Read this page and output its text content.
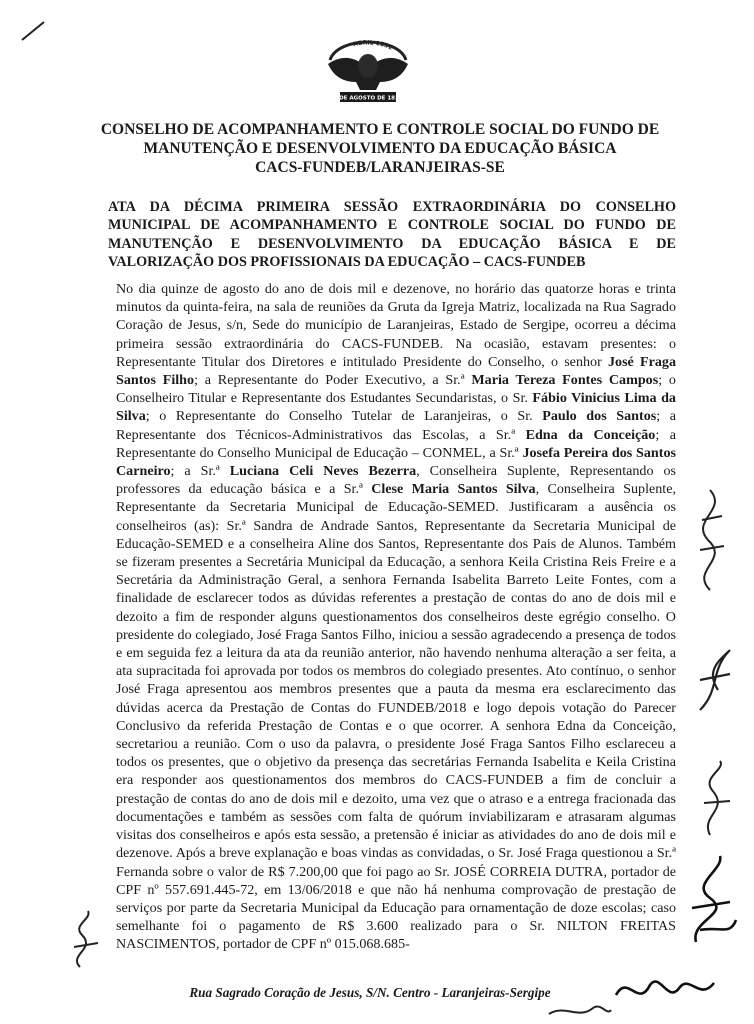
ABRIL 1832
7 DE AGOSTO DE 1832
CONSELHO DE ACOMPANHAMENTO E CONTROLE SOCIAL DO FUNDO DE
MANUTENÇÃO E DESENVOLVIMENTO DA EDUCAÇÃO BÁSICA
CACS-FUNDEB/LARANJEIRAS-SE
ATA DA DÉCIMA PRIMEIRA SESSÃO EXTRAORDINÁRIA DO CONSELHO MUNICIPAL DE ACOMPANHAMENTO E CONTROLE SOCIAL DO FUNDO DE MANUTENÇÃO E DESENVOLVIMENTO DA EDUCAÇÃO BÁSICA E DE VALORIZAÇÃO DOS PROFISSIONAIS DA EDUCAÇÃO – CACS-FUNDEB
No dia quinze de agosto do ano de dois mil e dezenove, no horário das quatorze horas e trinta minutos da quinta-feira, na sala de reuniões da Gruta da Igreja Matriz, localizada na Rua Sagrado Coração de Jesus, s/n, Sede do município de Laranjeiras, Estado de Sergipe, ocorreu a décima primeira sessão extraordinária do CACS-FUNDEB. Na ocasião, estavam presentes: o Representante Titular dos Diretores e intitulado Presidente do Conselho, o senhor José Fraga Santos Filho; a Representante do Poder Executivo, a Sr.ª Maria Tereza Fontes Campos; o Conselheiro Titular e Representante dos Estudantes Secundaristas, o Sr. Fábio Vinicius Lima da Silva; o Representante do Conselho Tutelar de Laranjeiras, o Sr. Paulo dos Santos; a Representante dos Técnicos-Administrativos das Escolas, a Sr.ª Edna da Conceição; a Representante do Conselho Municipal de Educação – CONMEL, a Sr.ª Josefa Pereira dos Santos Carneiro; a Sr.ª Luciana Celi Neves Bezerra, Conselheira Suplente, Representando os professores da educação básica e a Sr.ª Clese Maria Santos Silva, Conselheira Suplente, Representante da Secretaria Municipal de Educação-SEMED. Justificaram a ausência os conselheiros (as): Sr.ª Sandra de Andrade Santos, Representante da Secretaria Municipal de Educação-SEMED e a conselheira Aline dos Santos, Representante dos Pais de Alunos. Também se fizeram presentes a Secretária Municipal da Educação, a senhora Keila Cristina Reis Freire e a Secretária da Administração Geral, a senhora Fernanda Isabelita Barreto Leite Fontes, com a finalidade de esclarecer todos as dúvidas referentes a prestação de contas do ano de dois mil e dezoito a fim de responder alguns questionamentos dos conselheiros deste egrégio conselho. O presidente do colegiado, José Fraga Santos Filho, iniciou a sessão agradecendo a presença de todos e em seguida fez a leitura da ata da reunião anterior, não havendo nenhuma alteração a ser feita, a ata supracitada foi aprovada por todos os membros do colegiado presentes. Ato contínuo, o senhor José Fraga apresentou aos membros presentes que a pauta da mesma era esclarecimento das dúvidas acerca da Prestação de Contas do FUNDEB/2018 e logo depois votação do Parecer Conclusivo da referida Prestação de Contas e o que ocorrer. A senhora Edna da Conceição, secretariou a reunião. Com o uso da palavra, o presidente José Fraga Santos Filho esclareceu a todos os presentes, que o objetivo da presença das secretárias Fernanda Isabelita e Keila Cristina era responder aos questionamentos dos membros do CACS-FUNDEB a fim de concluir a prestação de contas do ano de dois mil e dezoito, uma vez que o atraso e a entrega fracionada das documentações e também as sessões com falta de quórum inviabilizaram e atrasaram algumas visitas dos conselheiros e após esta sessão, a pretensão é iniciar as atividades do ano de dois mil e dezenove. Após a breve explanação e boas vindas as convidadas, o Sr. José Fraga questionou a Sr.ª Fernanda sobre o valor de R$ 7.200,00 que foi pago ao Sr. JOSÉ CORREIA DUTRA, portador de CPF nº 557.691.445-72, em 13/06/2018 e que não há nenhuma comprovação de prestação de serviços por parte da Secretaria Municipal da Educação para ornamentação de doze escolas; caso semelhante foi o pagamento de R$ 3.600 realizado para o Sr. NILTON FREITAS NASCIMENTOS, portador de CPF nº 015.068.685-
Rua Sagrado Coração de Jesus, S/N. Centro - Laranjeiras-Sergipe
